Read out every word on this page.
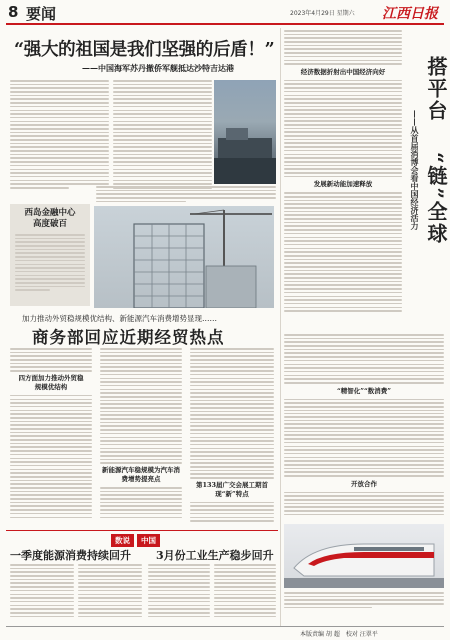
8 要闻	2023年4月29日 星期六 江西日报
“强大的祖国是我们坚强的后盾！”
——中国海军苏丹撤侨军舰抵达沙特吉达港
西岛金融中心高度破百
加力推动外贸稳规模优结构、新能源汽车消费增势显现……
商务部回应近期经贸热点
四方面加力推动外贸稳规模优结构
新能源汽车稳规模为汽车消费增势提亮点
第133届广交会展工期首现“新”特点
数说	中国
一季度能源消费持续回升	3月份工业生产稳步回升
经济数据折射出中国经济向好
发展新动能加速释放
搭平台
——从首届消博会看中国经济活力 “链”全球
“精智化”“数消费”
开放合作
本版责编 胡 超　校对 汪翠平
